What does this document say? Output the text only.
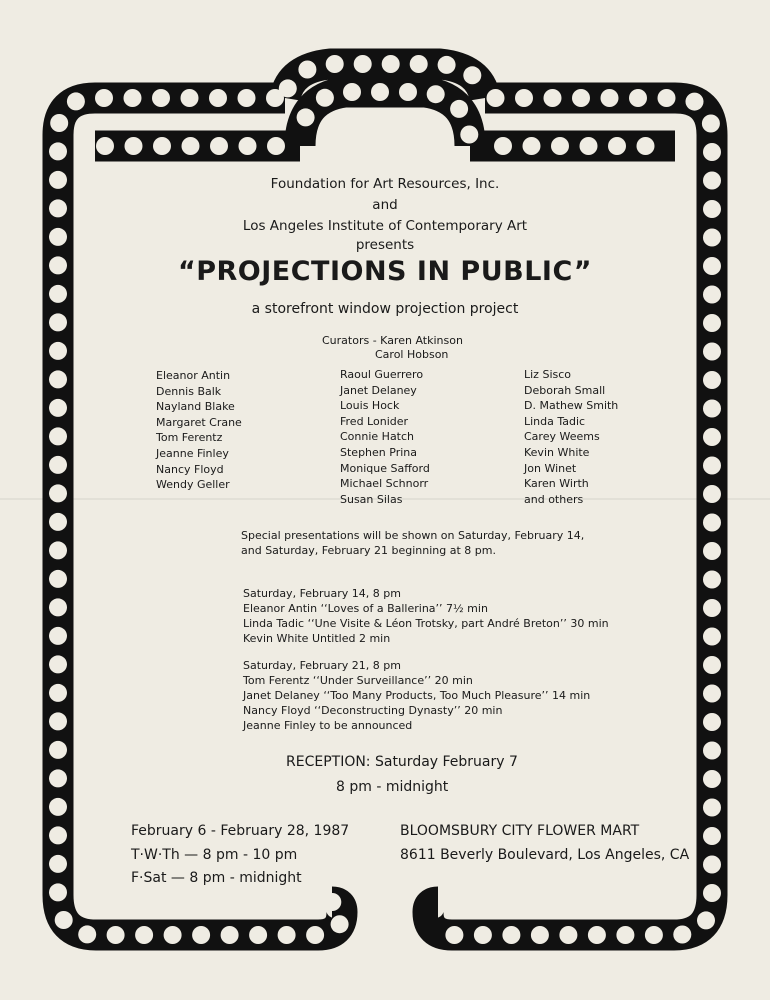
Foundation for Art Resources, Inc.
and
Los Angeles Institute of Contemporary Art
presents
“PROJECTIONS IN PUBLIC”
a storefront window projection project
Curators - Karen Atkinson
Carol Hobson
Eleanor Antin
Dennis Balk
Nayland Blake
Margaret Crane
Tom Ferentz
Jeanne Finley
Nancy Floyd
Wendy Geller
Raoul Guerrero
Janet Delaney
Louis Hock
Fred Lonider
Connie Hatch
Stephen Prina
Monique Safford
Michael Schnorr
Susan Silas
Liz Sisco
Deborah Small
D. Mathew Smith
Linda Tadic
Carey Weems
Kevin White
Jon Winet
Karen Wirth
and others
Special presentations will be shown on Saturday, February 14,
and Saturday, February 21 beginning at 8 pm.
Saturday, February 14, 8 pm
Eleanor Antin ‘‘Loves of a Ballerina’’ 7½ min
Linda Tadic ‘‘Une Visite & Léon Trotsky, part André Breton’’ 30 min
Kevin White Untitled 2 min
Saturday, February 21, 8 pm
Tom Ferentz ‘‘Under Surveillance’’ 20 min
Janet Delaney ‘‘Too Many Products, Too Much Pleasure’’ 14 min
Nancy Floyd ‘‘Deconstructing Dynasty’’ 20 min
Jeanne Finley to be announced
RECEPTION: Saturday February 7
8 pm - midnight
February 6 - February 28, 1987
T·W·Th — 8 pm - 10 pm
F·Sat — 8 pm - midnight
BLOOMSBURY CITY FLOWER MART
8611 Beverly Boulevard, Los Angeles, CA
